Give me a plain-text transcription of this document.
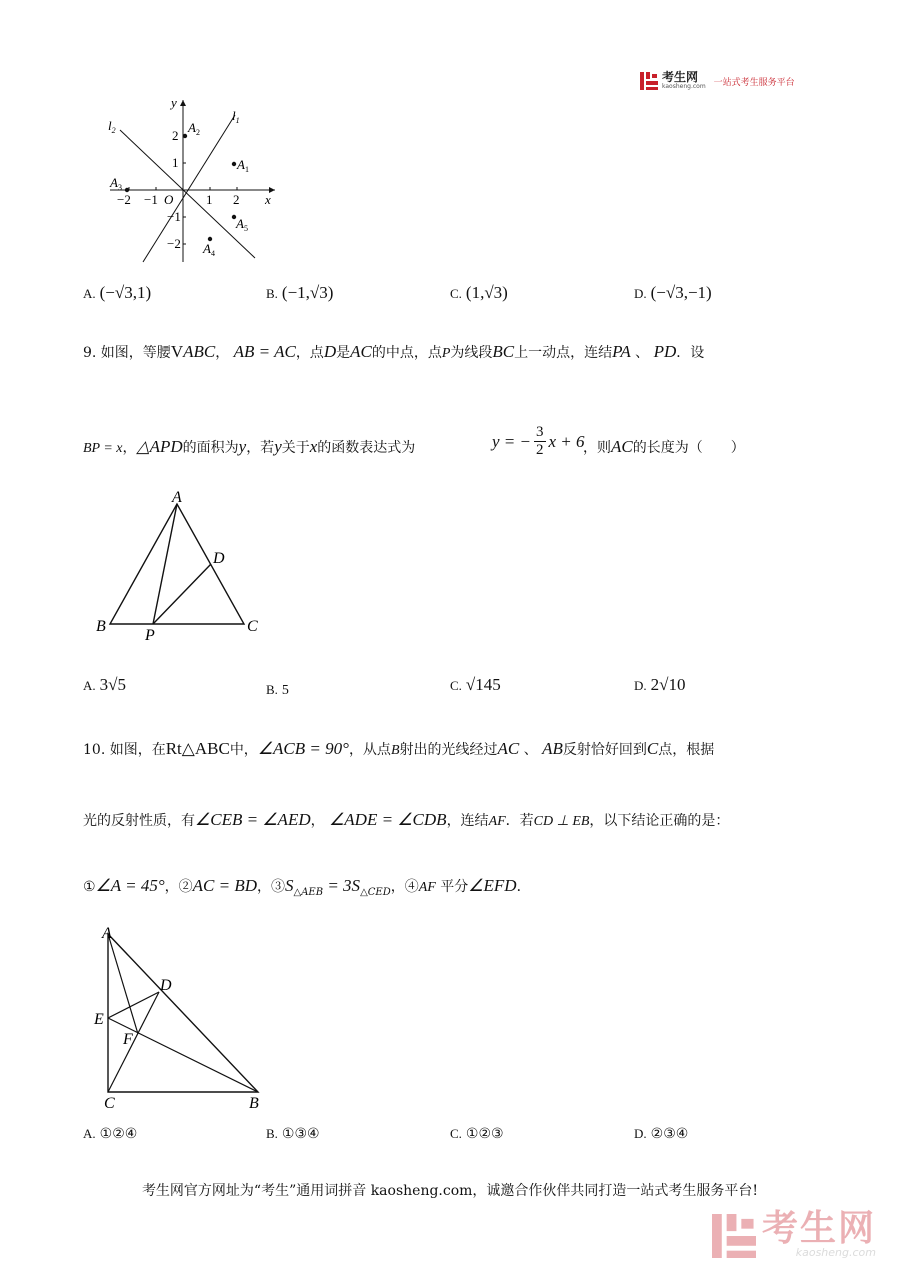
考生网
kaosheng.com 一站式考生服务平台
y
x
O
$l_1$
$l_2$	$A_2$
$A_1$
$A_3$
$A_4$
$A_5$
2
1
−1
−2
−2 −1	1 2
A. (−√3,1)	B. (−1,√3)	C. (1,√3)	D. (−√3,−1)
9. 如图，等腰VABC， AB = AC，点D是AC的中点，点P为线段BC上一动点，连结PA 、 PD．设
BP = x，△APD的面积为y，若y关于x的函数表达式为	y = − $\frac{3}{2}$ x + 6
，则AC的长度为（　　）
A
B	C
D
P
A. 3√5	B. 5	C. √145	D. 2√10
10. 如图，在Rt△ABC中，∠ACB = 90°，从点B射出的光线经过AC 、 AB反射恰好回到C点，根据
光的反射性质，有∠CEB = ∠AED， ∠ADE = ∠CDB，连结AF．若CD ⊥ EB，以下结论正确的是：
①∠A = 45°，②AC = BD，$③S_{\triangle AEB} = 3S_{\triangle CED}$，④AF 平分∠EFD．
A
C	B
D
E
F
A. ①②④	B. ①③④	C. ①②③	D. ②③④
考生网官方网址为“考生”通用词拼音 kaosheng.com，诚邀合作伙伴共同打造一站式考生服务平台!
考生网
kaosheng.com
